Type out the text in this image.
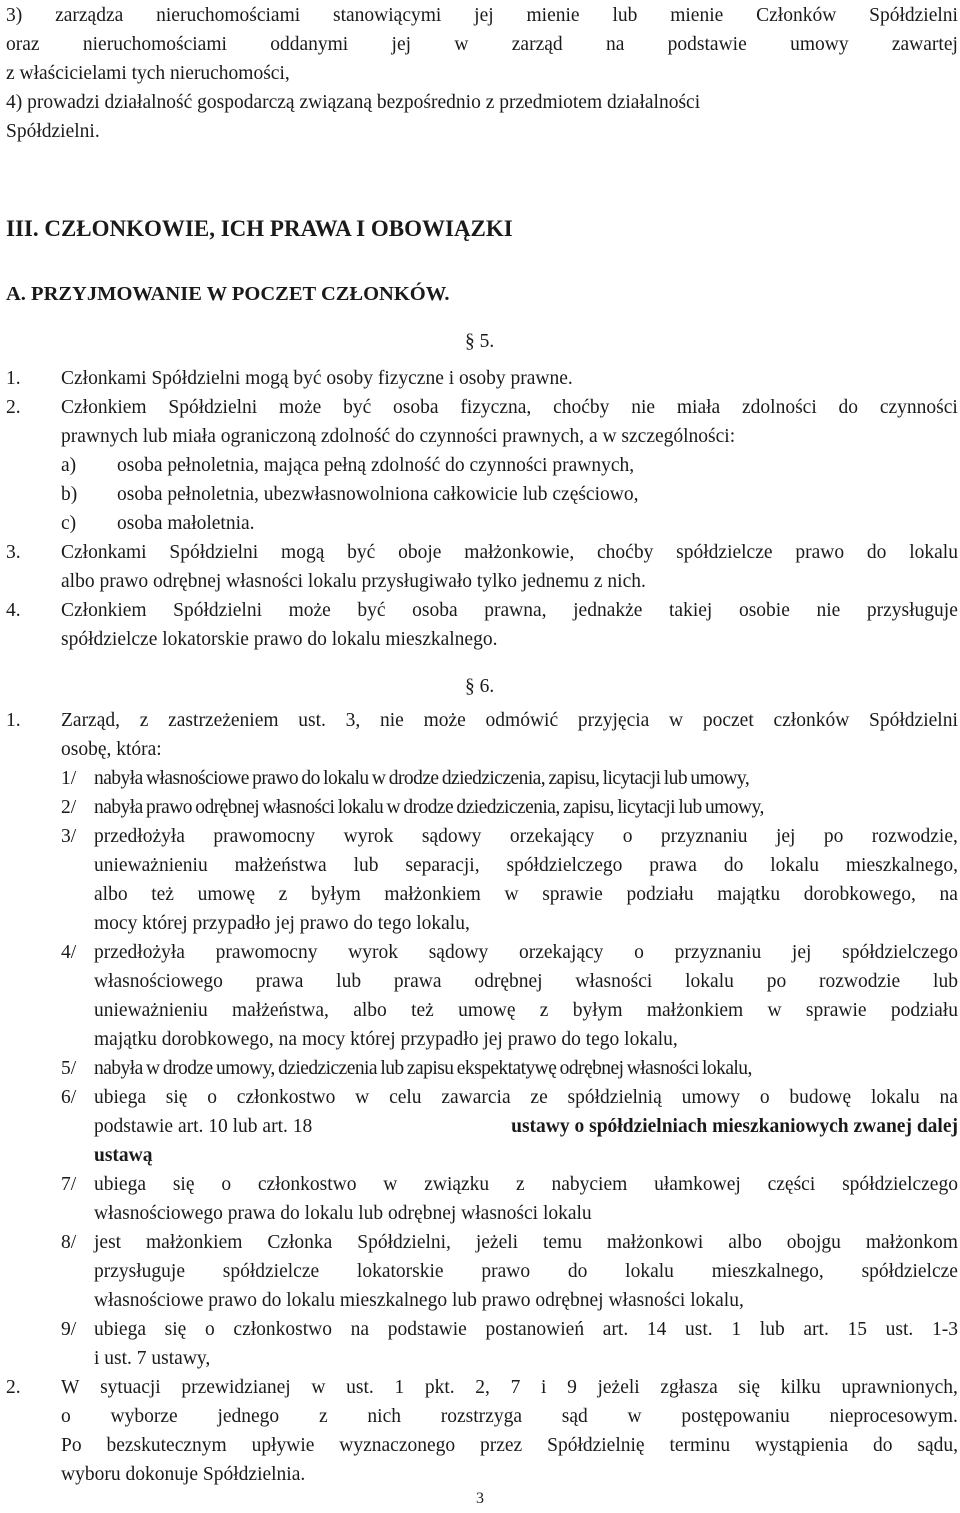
3) zarządza nieruchomościami stanowiącymi jej mienie lub mienie Członków Spółdzielni
oraz nieruchomościami oddanymi jej w zarząd na podstawie umowy zawartej
z właścicielami tych nieruchomości,
4) prowadzi działalność gospodarczą związaną bezpośrednio z przedmiotem działalności
Spółdzielni.
III. CZŁONKOWIE, ICH PRAWA I OBOWIĄZKI
A. PRZYJMOWANIE W POCZET CZŁONKÓW.
§ 5.
1. Członkami Spółdzielni mogą być osoby fizyczne i osoby prawne.
2. Członkiem Spółdzielni może być osoba fizyczna, choćby nie miała zdolności do czynności
prawnych lub miała ograniczoną zdolność do czynności prawnych, a w szczególności:
a) osoba pełnoletnia, mająca pełną zdolność do czynności prawnych,
b) osoba pełnoletnia, ubezwłasnowolniona całkowicie lub częściowo,
c) osoba małoletnia.
3. Członkami Spółdzielni mogą być oboje małżonkowie, choćby spółdzielcze prawo do lokalu
albo prawo odrębnej własności lokalu przysługiwało tylko jednemu z nich.
4. Członkiem Spółdzielni może być osoba prawna, jednakże takiej osobie nie przysługuje
spółdzielcze lokatorskie prawo do lokalu mieszkalnego.
§ 6.
1. Zarząd, z zastrzeżeniem ust. 3, nie może odmówić przyjęcia w poczet członków Spółdzielni
osobę, która:
1/ nabyła własnościowe prawo do lokalu w drodze dziedziczenia, zapisu, licytacji lub umowy,
2/ nabyła prawo odrębnej własności lokalu w drodze dziedziczenia, zapisu, licytacji lub umowy,
3/ przedłożyła prawomocny wyrok sądowy orzekający o przyznaniu jej po rozwodzie,
unieważnieniu małżeństwa lub separacji, spółdzielczego prawa do lokalu mieszkalnego,
albo też umowę z byłym małżonkiem w sprawie podziału majątku dorobkowego, na
mocy której przypadło jej prawo do tego lokalu,
4/ przedłożyła prawomocny wyrok sądowy orzekający o przyznaniu jej spółdzielczego
własnościowego prawa lub prawa odrębnej własności lokalu po rozwodzie lub
unieważnieniu małżeństwa, albo też umowę z byłym małżonkiem w sprawie podziału
majątku dorobkowego, na mocy której przypadło jej prawo do tego lokalu,
5/ nabyła w drodze umowy, dziedziczenia lub zapisu ekspektatywę odrębnej własności lokalu,
6/ ubiega się o członkostwo w celu zawarcia ze spółdzielnią umowy o budowę lokalu na
podstawie art. 10 lub art. 18	ustawy o spółdzielniach mieszkaniowych zwanej dalej
ustawą
7/ ubiega się o członkostwo w związku z nabyciem ułamkowej części spółdzielczego
własnościowego prawa do lokalu lub odrębnej własności lokalu
8/ jest małżonkiem Członka Spółdzielni, jeżeli temu małżonkowi albo obojgu małżonkom
przysługuje spółdzielcze lokatorskie prawo do lokalu mieszkalnego, spółdzielcze
własnościowe prawo do lokalu mieszkalnego lub prawo odrębnej własności lokalu,
9/ ubiega się o członkostwo na podstawie postanowień art. 14 ust. 1 lub art. 15 ust. 1-3
i ust. 7 ustawy,
2. W sytuacji przewidzianej w ust. 1 pkt. 2, 7 i 9 jeżeli zgłasza się kilku uprawnionych,
o wyborze jednego z nich rozstrzyga sąd w postępowaniu nieprocesowym.
Po bezskutecznym upływie wyznaczonego przez Spółdzielnię terminu wystąpienia do sądu,
wyboru dokonuje Spółdzielnia.
3
